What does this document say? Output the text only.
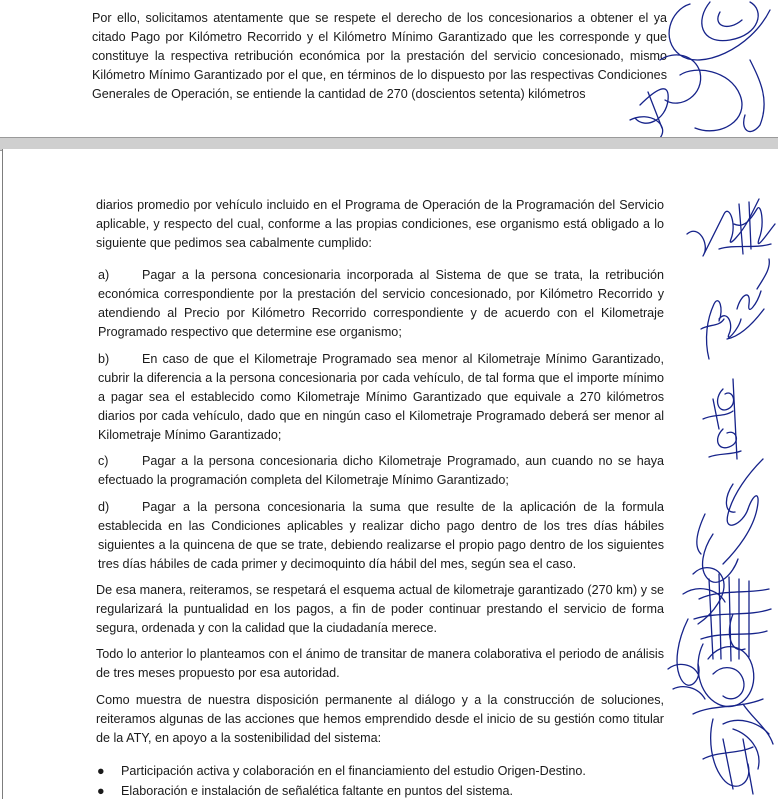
Por ello, solicitamos atentamente que se respete el derecho de los concesionarios a obtener el ya citado Pago por Kilómetro Recorrido y el Kilómetro Mínimo Garantizado que les corresponde y que constituye la respectiva retribución económica por la prestación del servicio concesionado, mismo Kilómetro Mínimo Garantizado por el que, en términos de lo dispuesto por las respectivas Condiciones Generales de Operación, se entiende la cantidad de 270 (doscientos setenta) kilómetros
diarios promedio por vehículo incluido en el Programa de Operación de la Programación del Servicio aplicable, y respecto del cual, conforme a las propias condiciones, ese organismo está obligado a lo siguiente que pedimos sea cabalmente cumplido:
a)	Pagar a la persona concesionaria incorporada al Sistema de que se trata, la retribución económica correspondiente por la prestación del servicio concesionado, por Kilómetro Recorrido y atendiendo al Precio por Kilómetro Recorrido correspondiente y de acuerdo con el Kilometraje Programado respectivo que determine ese organismo;
b)	En caso de que el Kilometraje Programado sea menor al Kilometraje Mínimo Garantizado, cubrir la diferencia a la persona concesionaria por cada vehículo, de tal forma que el importe mínimo a pagar sea el establecido como Kilometraje Mínimo Garantizado que equivale a 270 kilómetros diarios por cada vehículo, dado que en ningún caso el Kilometraje Programado deberá ser menor al Kilometraje Mínimo Garantizado;
c)	Pagar a la persona concesionaria dicho Kilometraje Programado, aun cuando no se haya efectuado la programación completa del Kilometraje Mínimo Garantizado;
d)	Pagar a la persona concesionaria la suma que resulte de la aplicación de la formula establecida en las Condiciones aplicables y realizar dicho pago dentro de los tres días hábiles siguientes a la quincena de que se trate, debiendo realizarse el propio pago dentro de los siguientes tres días hábiles de cada primer y decimoquinto día hábil del mes, según sea el caso.
De esa manera, reiteramos, se respetará el esquema actual de kilometraje garantizado (270 km) y se regularizará la puntualidad en los pagos, a fin de poder continuar prestando el servicio de forma segura, ordenada y con la calidad que la ciudadanía merece.
Todo lo anterior lo planteamos con el ánimo de transitar de manera colaborativa el periodo de análisis de tres meses propuesto por esa autoridad.
Como muestra de nuestra disposición permanente al diálogo y a la construcción de soluciones, reiteramos algunas de las acciones que hemos emprendido desde el inicio de su gestión como titular de la ATY, en apoyo a la sostenibilidad del sistema:
● Participación activa y colaboración en el financiamiento del estudio Origen-Destino.
● Elaboración e instalación de señalética faltante en puntos del sistema.
